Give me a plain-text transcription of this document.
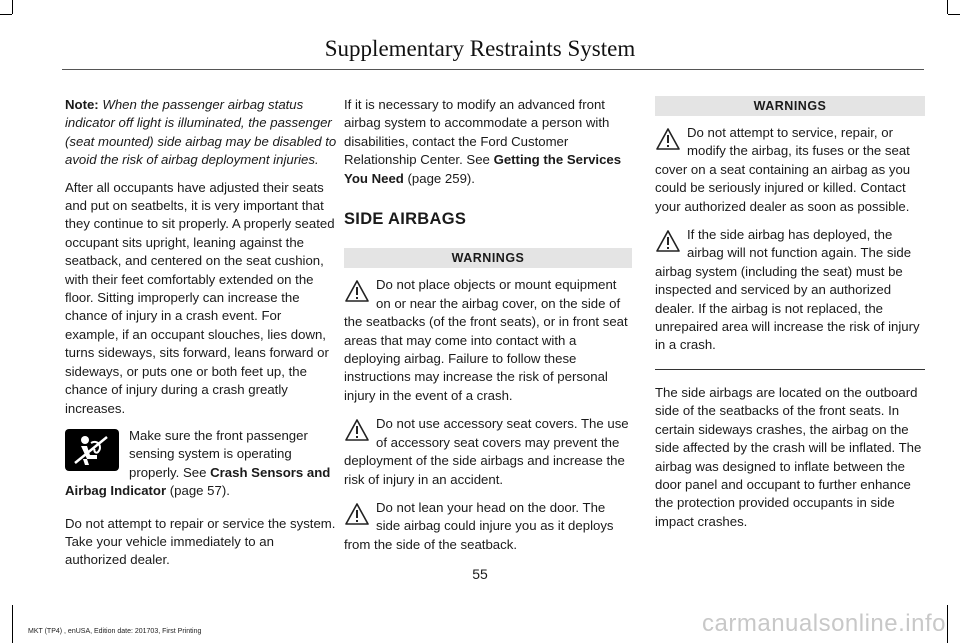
Supplementary Restraints System

Note: When the passenger airbag status indicator off light is illuminated, the passenger (seat mounted) side airbag may be disabled to avoid the risk of airbag deployment injuries.

After all occupants have adjusted their seats and put on seatbelts, it is very important that they continue to sit properly. A properly seated occupant sits upright, leaning against the seatback, and centered on the seat cushion, with their feet comfortably extended on the floor. Sitting improperly can increase the chance of injury in a crash event. For example, if an occupant slouches, lies down, turns sideways, sits forward, leans forward or sideways, or puts one or both feet up, the chance of injury during a crash greatly increases.

Make sure the front passenger sensing system is operating properly. See Crash Sensors and Airbag Indicator (page 57).

Do not attempt to repair or service the system. Take your vehicle immediately to an authorized dealer.

If it is necessary to modify an advanced front airbag system to accommodate a person with disabilities, contact the Ford Customer Relationship Center. See Getting the Services You Need (page 259).

SIDE AIRBAGS
WARNINGS
Do not place objects or mount equipment on or near the airbag cover, on the side of the seatbacks (of the front seats), or in front seat areas that may come into contact with a deploying airbag. Failure to follow these instructions may increase the risk of personal injury in the event of a crash.
Do not use accessory seat covers. The use of accessory seat covers may prevent the deployment of the side airbags and increase the risk of injury in an accident.
Do not lean your head on the door. The side airbag could injure you as it deploys from the side of the seatback.
WARNINGS
Do not attempt to service, repair, or modify the airbag, its fuses or the seat cover on a seat containing an airbag as you could be seriously injured or killed. Contact your authorized dealer as soon as possible.
If the side airbag has deployed, the airbag will not function again. The side airbag system (including the seat) must be inspected and serviced by an authorized dealer. If the airbag is not replaced, the unrepaired area will increase the risk of injury in a crash.

The side airbags are located on the outboard side of the seatbacks of the front seats. In certain sideways crashes, the airbag on the side affected by the crash will be inflated. The airbag was designed to inflate between the door panel and occupant to further enhance the protection provided occupants in side impact crashes.

55
MKT (TP4) , enUSA, Edition date: 201703, First Printing	carmanualsonline.info
